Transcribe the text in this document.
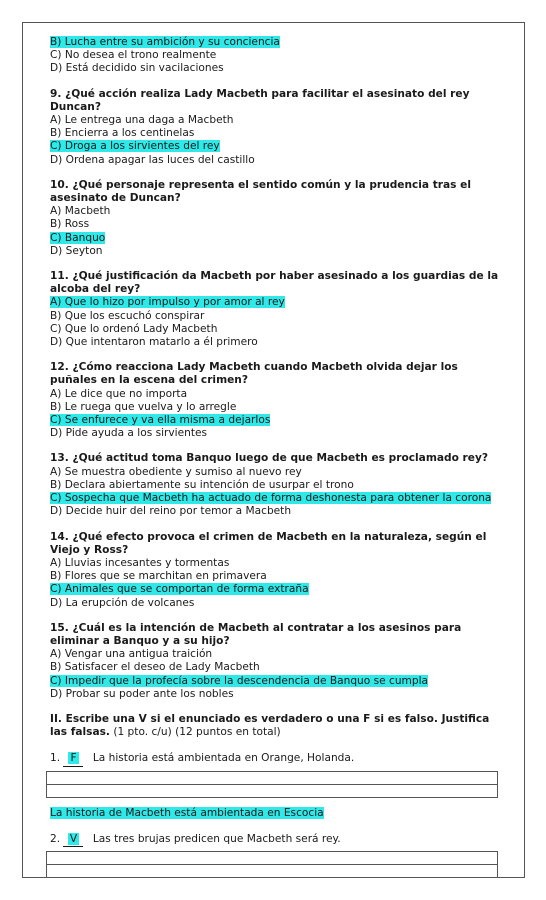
B) Lucha entre su ambición y su conciencia
C) No desea el trono realmente
D) Está decidido sin vacilaciones
9. ¿Qué acción realiza Lady Macbeth para facilitar el asesinato del rey Duncan?
A) Le entrega una daga a Macbeth
B) Encierra a los centinelas
C) Droga a los sirvientes del rey
D) Ordena apagar las luces del castillo
10. ¿Qué personaje representa el sentido común y la prudencia tras el asesinato de Duncan?
A) Macbeth
B) Ross
C) Banquo
D) Seyton
11. ¿Qué justificación da Macbeth por haber asesinado a los guardias de la alcoba del rey?
A) Que lo hizo por impulso y por amor al rey
B) Que los escuchó conspirar
C) Que lo ordenó Lady Macbeth
D) Que intentaron matarlo a él primero
12. ¿Cómo reacciona Lady Macbeth cuando Macbeth olvida dejar los puñales en la escena del crimen?
A) Le dice que no importa
B) Le ruega que vuelva y lo arregle
C) Se enfurece y va ella misma a dejarlos
D) Pide ayuda a los sirvientes
13. ¿Qué actitud toma Banquo luego de que Macbeth es proclamado rey?
A) Se muestra obediente y sumiso al nuevo rey
B) Declara abiertamente su intención de usurpar el trono
C) Sospecha que Macbeth ha actuado de forma deshonesta para obtener la corona
D) Decide huir del reino por temor a Macbeth
14. ¿Qué efecto provoca el crimen de Macbeth en la naturaleza, según el Viejo y Ross?
A) Lluvias incesantes y tormentas
B) Flores que se marchitan en primavera
C) Animales que se comportan de forma extraña
D) La erupción de volcanes
15. ¿Cuál es la intención de Macbeth al contratar a los asesinos para eliminar a Banquo y a su hijo?
A) Vengar una antigua traición
B) Satisfacer el deseo de Lady Macbeth
C) Impedir que la profecía sobre la descendencia de Banquo se cumpla
D) Probar su poder ante los nobles
II. Escribe una V si el enunciado es verdadero o una F si es falso. Justifica las falsas. (1 pto. c/u) (12 puntos en total)
1. F La historia está ambientada en Orange, Holanda.
La historia de Macbeth está ambientada en Escocia
2. V Las tres brujas predicen que Macbeth será rey.
